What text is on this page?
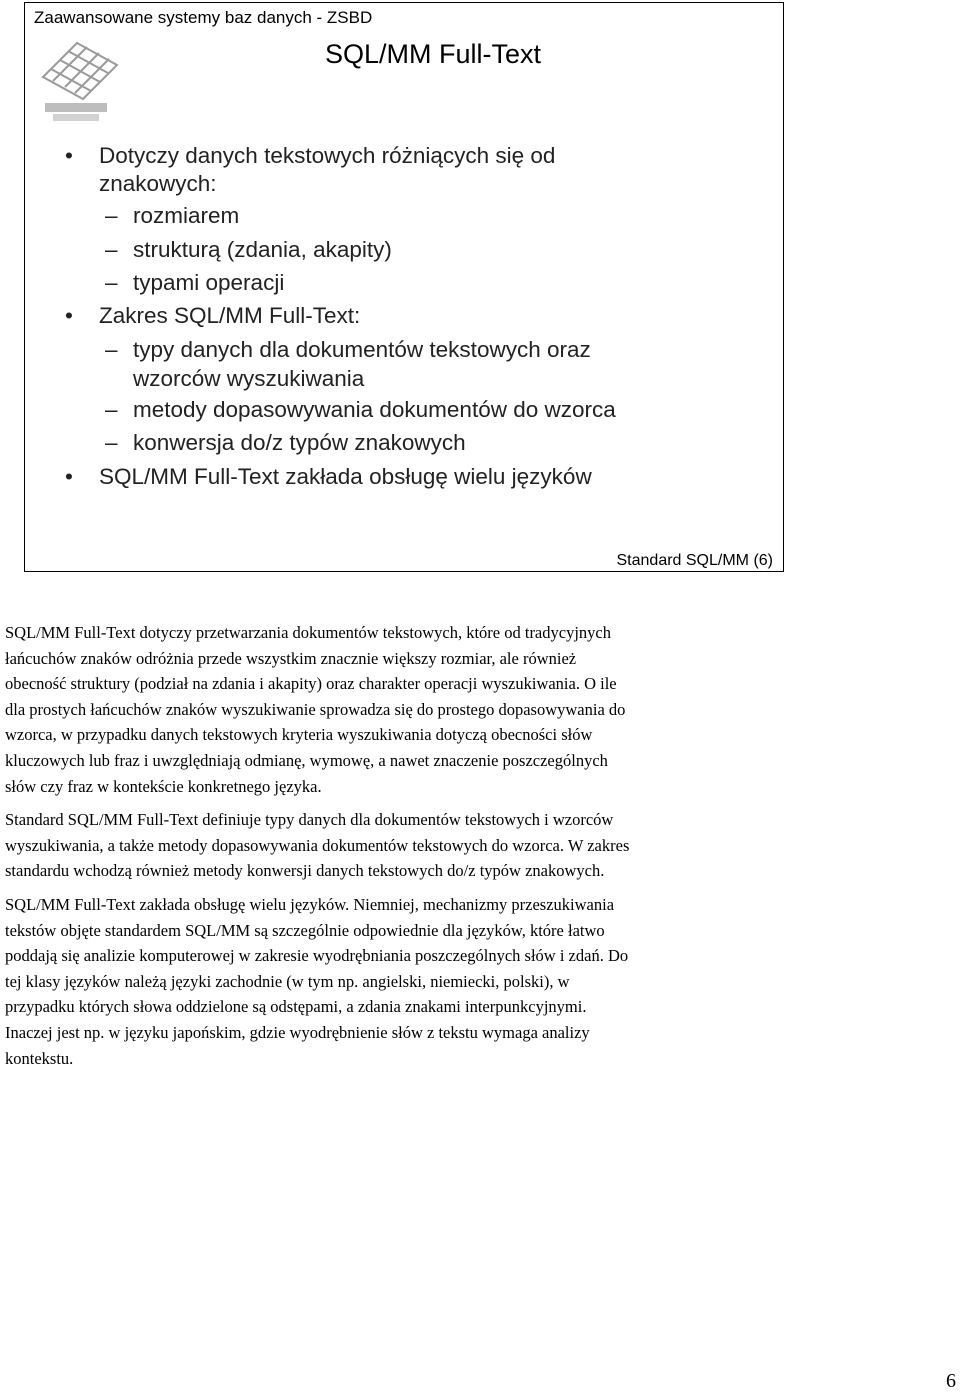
Zaawansowane systemy baz danych - ZSBD
SQL/MM Full-Text
• Dotyczy danych tekstowych różniących się od
znakowych:
– rozmiarem
– strukturą (zdania, akapity)
– typami operacji
• Zakres SQL/MM Full-Text:
– typy danych dla dokumentów tekstowych oraz
wzorców wyszukiwania
– metody dopasowywania dokumentów do wzorca
– konwersja do/z typów znakowych
• SQL/MM Full-Text zakłada obsługę wielu języków
Standard SQL/MM (6)

SQL/MM Full-Text dotyczy przetwarzania dokumentów tekstowych, które od tradycyjnych
łańcuchów znaków odróżnia przede wszystkim znacznie większy rozmiar, ale również
obecność struktury (podział na zdania i akapity) oraz charakter operacji wyszukiwania. O ile
dla prostych łańcuchów znaków wyszukiwanie sprowadza się do prostego dopasowywania do
wzorca, w przypadku danych tekstowych kryteria wyszukiwania dotyczą obecności słów
kluczowych lub fraz i uwzględniają odmianę, wymowę, a nawet znaczenie poszczególnych
słów czy fraz w kontekście konkretnego języka.

Standard SQL/MM Full-Text definiuje typy danych dla dokumentów tekstowych i wzorców
wyszukiwania, a także metody dopasowywania dokumentów tekstowych do wzorca. W zakres
standardu wchodzą również metody konwersji danych tekstowych do/z typów znakowych.

SQL/MM Full-Text zakłada obsługę wielu języków. Niemniej, mechanizmy przeszukiwania
tekstów objęte standardem SQL/MM są szczególnie odpowiednie dla języków, które łatwo
poddają się analizie komputerowej w zakresie wyodrębniania poszczególnych słów i zdań. Do
tej klasy języków należą języki zachodnie (w tym np. angielski, niemiecki, polski), w
przypadku których słowa oddzielone są odstępami, a zdania znakami interpunkcyjnymi.
Inaczej jest np. w języku japońskim, gdzie wyodrębnienie słów z tekstu wymaga analizy
kontekstu.

6
